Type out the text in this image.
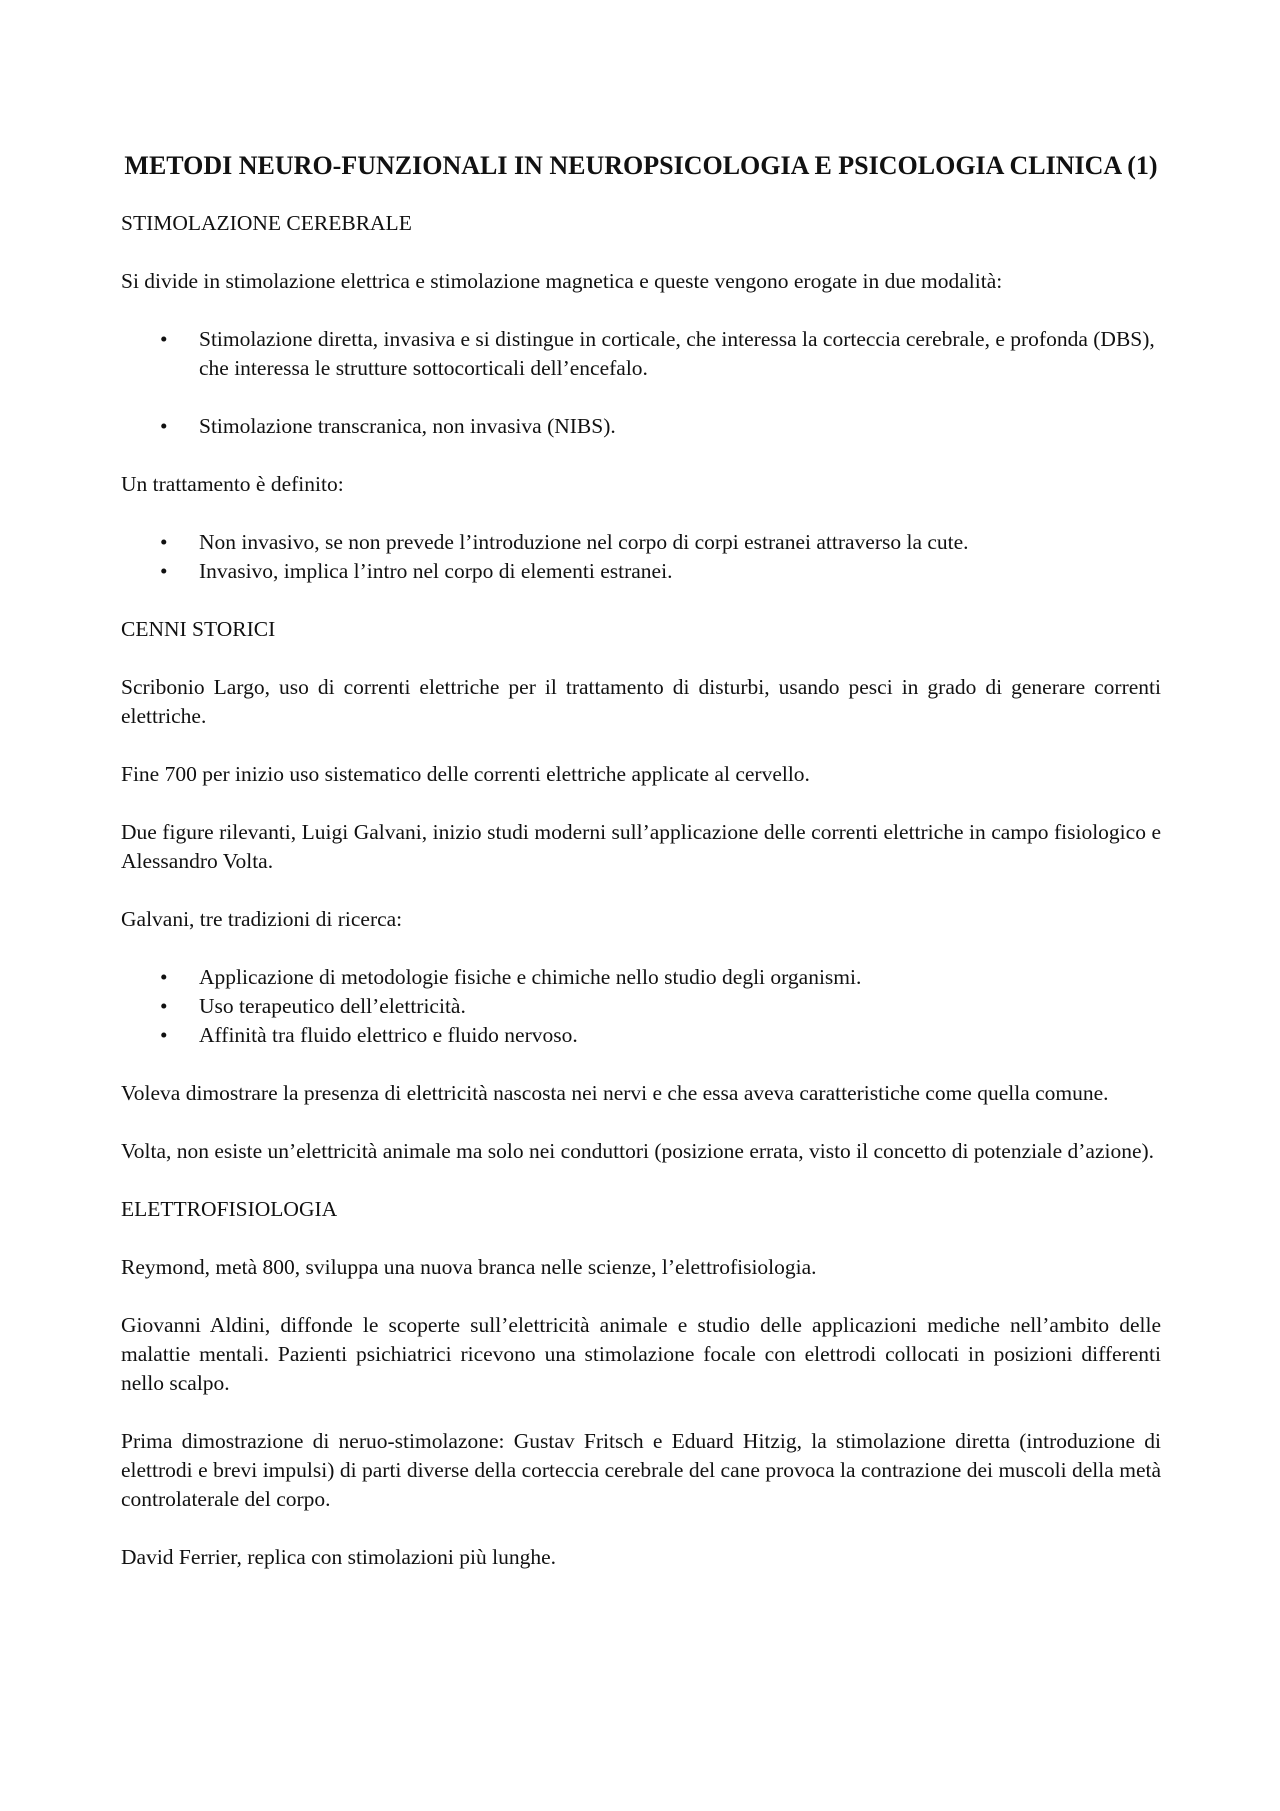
METODI NEURO-FUNZIONALI IN NEUROPSICOLOGIA E PSICOLOGIA CLINICA (1)
STIMOLAZIONE CEREBRALE

Si divide in stimolazione elettrica e stimolazione magnetica e queste vengono erogate in due modalità:

• Stimolazione diretta, invasiva e si distingue in corticale, che interessa la corteccia cerebrale, e profonda (DBS), che interessa le strutture sottocorticali dell’encefalo.
• Stimolazione transcranica, non invasiva (NIBS).

Un trattamento è definito:

• Non invasivo, se non prevede l’introduzione nel corpo di corpi estranei attraverso la cute.
• Invasivo, implica l’intro nel corpo di elementi estranei.
CENNI STORICI

Scribonio Largo, uso di correnti elettriche per il trattamento di disturbi, usando pesci in grado di generare correnti elettriche.

Fine 700 per inizio uso sistematico delle correnti elettriche applicate al cervello.

Due figure rilevanti, Luigi Galvani, inizio studi moderni sull’applicazione delle correnti elettriche in campo fisiologico e Alessandro Volta.

Galvani, tre tradizioni di ricerca:

• Applicazione di metodologie fisiche e chimiche nello studio degli organismi.
• Uso terapeutico dell’elettricità.
• Affinità tra fluido elettrico e fluido nervoso.

Voleva dimostrare la presenza di elettricità nascosta nei nervi e che essa aveva caratteristiche come quella comune.

Volta, non esiste un’elettricità animale ma solo nei conduttori (posizione errata, visto il concetto di potenziale d’azione).

ELETTROFISIOLOGIA

Reymond, metà 800, sviluppa una nuova branca nelle scienze, l’elettrofisiologia.

Giovanni Aldini, diffonde le scoperte sull’elettricità animale e studio delle applicazioni mediche nell’ambito delle malattie mentali. Pazienti psichiatrici ricevono una stimolazione focale con elettrodi collocati in posizioni differenti nello scalpo.

Prima dimostrazione di neruo-stimolazone: Gustav Fritsch e Eduard Hitzig, la stimolazione diretta (introduzione di elettrodi e brevi impulsi) di parti diverse della corteccia cerebrale del cane provoca la contrazione dei muscoli della metà controlaterale del corpo.

David Ferrier, replica con stimolazioni più lunghe.
